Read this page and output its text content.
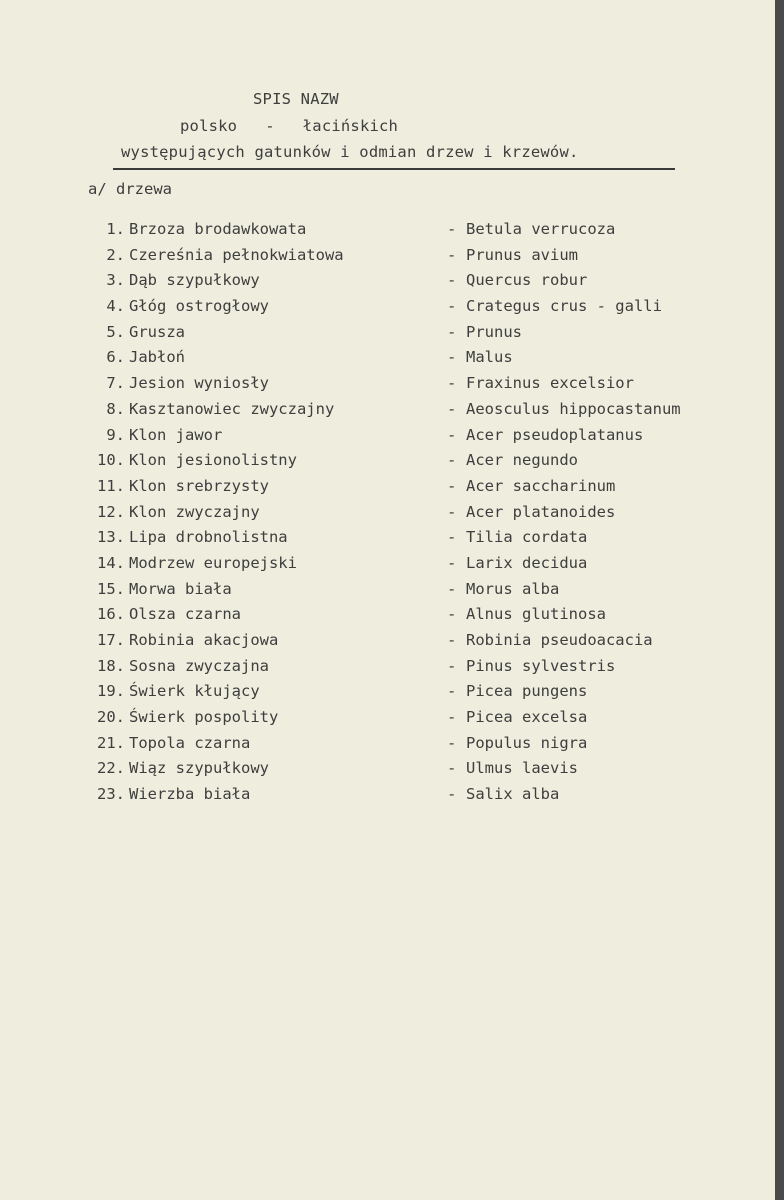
SPIS NAZW
polsko - łacińskich
występujących gatunków i odmian drzew i krzewów.
a/ drzewa
1. Brzoza brodawkowata	- Betula verrucoza
2. Czereśnia pełnokwiatowa	- Prunus avium
3. Dąb szypułkowy	- Quercus robur
4. Głóg ostrogłowy	- Crategus crus - galli
5. Grusza	- Prunus
6. Jabłoń	- Malus
7. Jesion wyniosły	- Fraxinus excelsior
8. Kasztanowiec zwyczajny	- Aeosculus hippocastanum
9. Klon jawor	- Acer pseudoplatanus
10. Klon jesionolistny	- Acer negundo
11. Klon srebrzysty	- Acer saccharinum
12. Klon zwyczajny	- Acer platanoides
13. Lipa drobnolistna	- Tilia cordata
14. Modrzew europejski	- Larix decidua
15. Morwa biała	- Morus alba
16. Olsza czarna	- Alnus glutinosa
17. Robinia akacjowa	- Robinia pseudoacacia
18. Sosna zwyczajna	- Pinus sylvestris
19. Świerk kłujący	- Picea pungens
20. Świerk pospolity	- Picea excelsa
21. Topola czarna	- Populus nigra
22. Wiąz szypułkowy	- Ulmus laevis
23. Wierzba biała	- Salix alba
